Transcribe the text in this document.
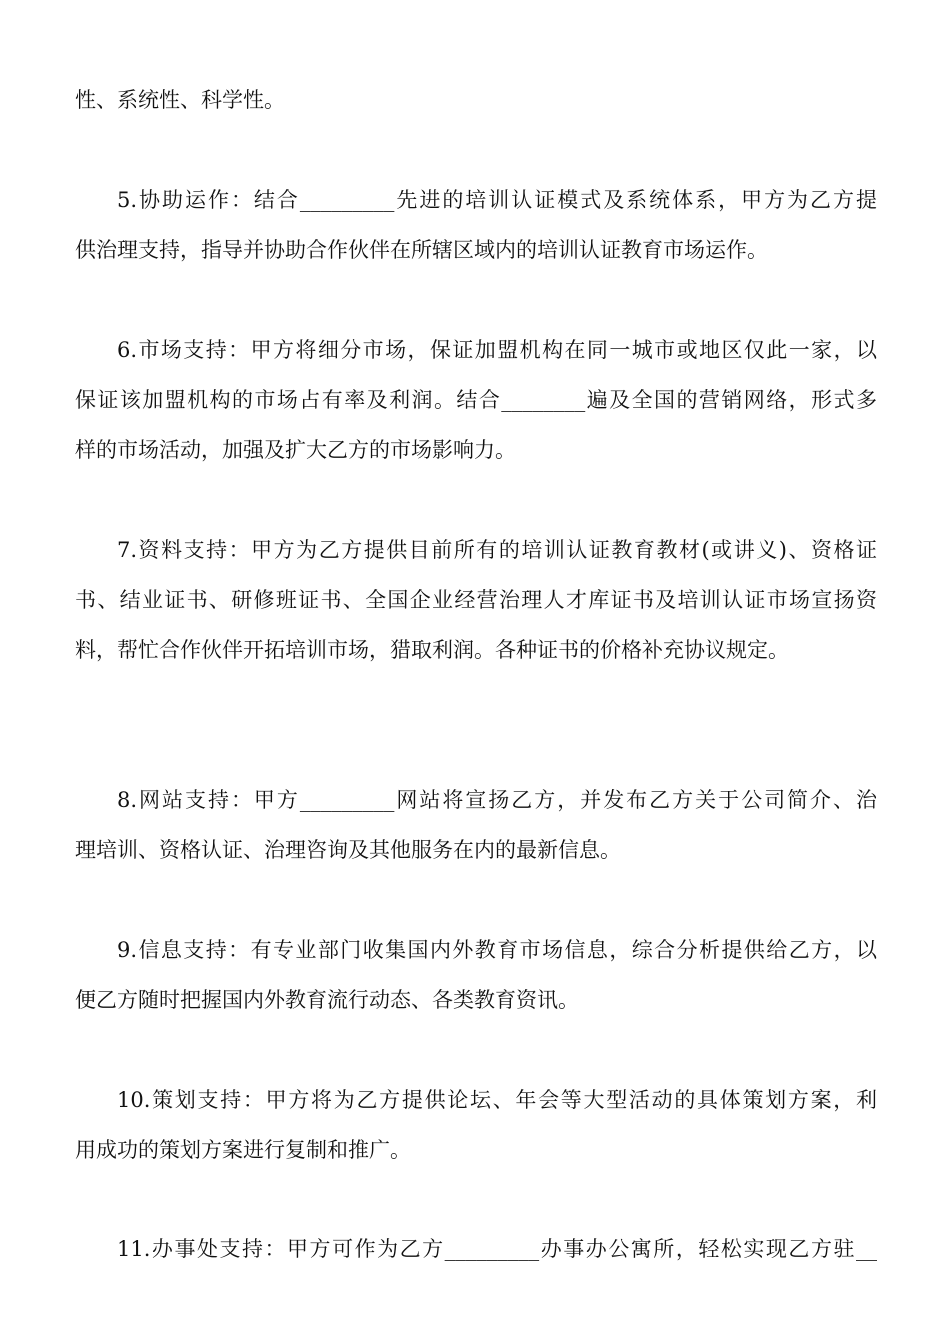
性、系统性、科学性。
5.协助运作：结合_________先进的培训认证模式及系统体系，甲方为乙方提
供治理支持，指导并协助合作伙伴在所辖区域内的培训认证教育市场运作。
6.市场支持：甲方将细分市场，保证加盟机构在同一城市或地区仅此一家，以
保证该加盟机构的市场占有率及利润。结合________遍及全国的营销网络，形式多
样的市场活动，加强及扩大乙方的市场影响力。
7.资料支持：甲方为乙方提供目前所有的培训认证教育教材(或讲义)、资格证
书、结业证书、研修班证书、全国企业经营治理人才库证书及培训认证市场宣扬资
料，帮忙合作伙伴开拓培训市场，猎取利润。各种证书的价格补充协议规定。
8.网站支持：甲方_________网站将宣扬乙方，并发布乙方关于公司简介、治
理培训、资格认证、治理咨询及其他服务在内的最新信息。
9.信息支持：有专业部门收集国内外教育市场信息，综合分析提供给乙方，以
便乙方随时把握国内外教育流行动态、各类教育资讯。
10.策划支持：甲方将为乙方提供论坛、年会等大型活动的具体策划方案，利
用成功的策划方案进行复制和推广。
11.办事处支持：甲方可作为乙方_________办事办公寓所，轻松实现乙方驻__
